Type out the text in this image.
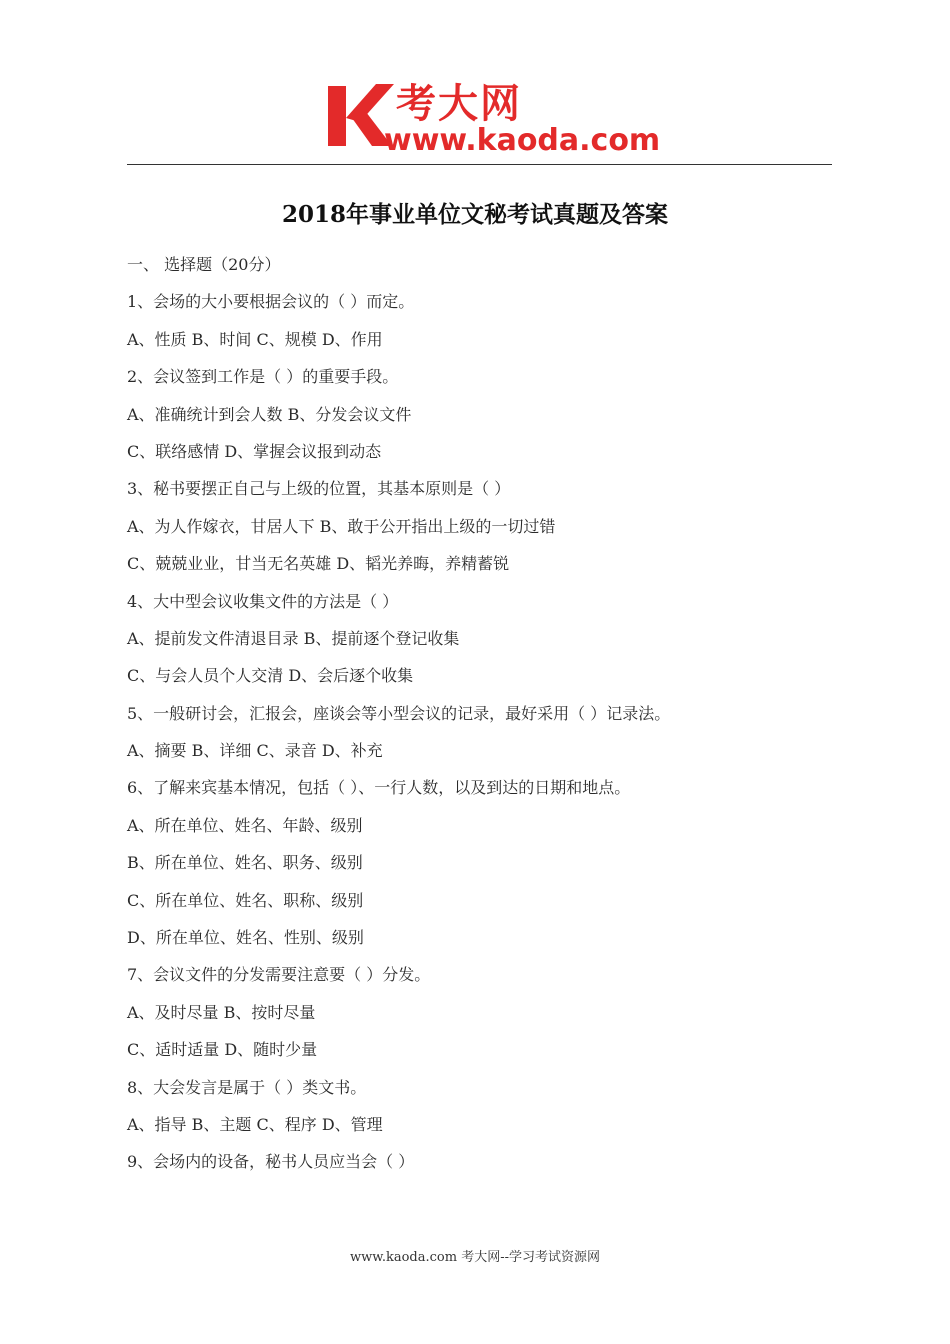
考大网
www.kaoda.com
2018年事业单位文秘考试真题及答案
一、 选择题（20分）
1、会场的大小要根据会议的（ ）而定。
A、性质 B、时间 C、规模 D、作用
2、会议签到工作是（ ）的重要手段。
A、准确统计到会人数 B、分发会议文件
C、联络感情 D、掌握会议报到动态
3、秘书要摆正自己与上级的位置，其基本原则是（ ）
A、为人作嫁衣，甘居人下 B、敢于公开指出上级的一切过错
C、兢兢业业，甘当无名英雄 D、韬光养晦，养精蓄锐
4、大中型会议收集文件的方法是（ ）
A、提前发文件清退目录 B、提前逐个登记收集
C、与会人员个人交清 D、会后逐个收集
5、一般研讨会，汇报会，座谈会等小型会议的记录，最好采用（ ）记录法。
A、摘要 B、详细 C、录音 D、补充
6、了解来宾基本情况，包括（ ）、一行人数，以及到达的日期和地点。
A、所在单位、姓名、年龄、级别
B、所在单位、姓名、职务、级别
C、所在单位、姓名、职称、级别
D、所在单位、姓名、性别、级别
7、会议文件的分发需要注意要（ ）分发。
A、及时尽量 B、按时尽量
C、适时适量 D、随时少量
8、大会发言是属于（ ）类文书。
A、指导 B、主题 C、程序 D、管理
9、会场内的设备，秘书人员应当会（ ）
www.kaoda.com 考大网--学习考试资源网
